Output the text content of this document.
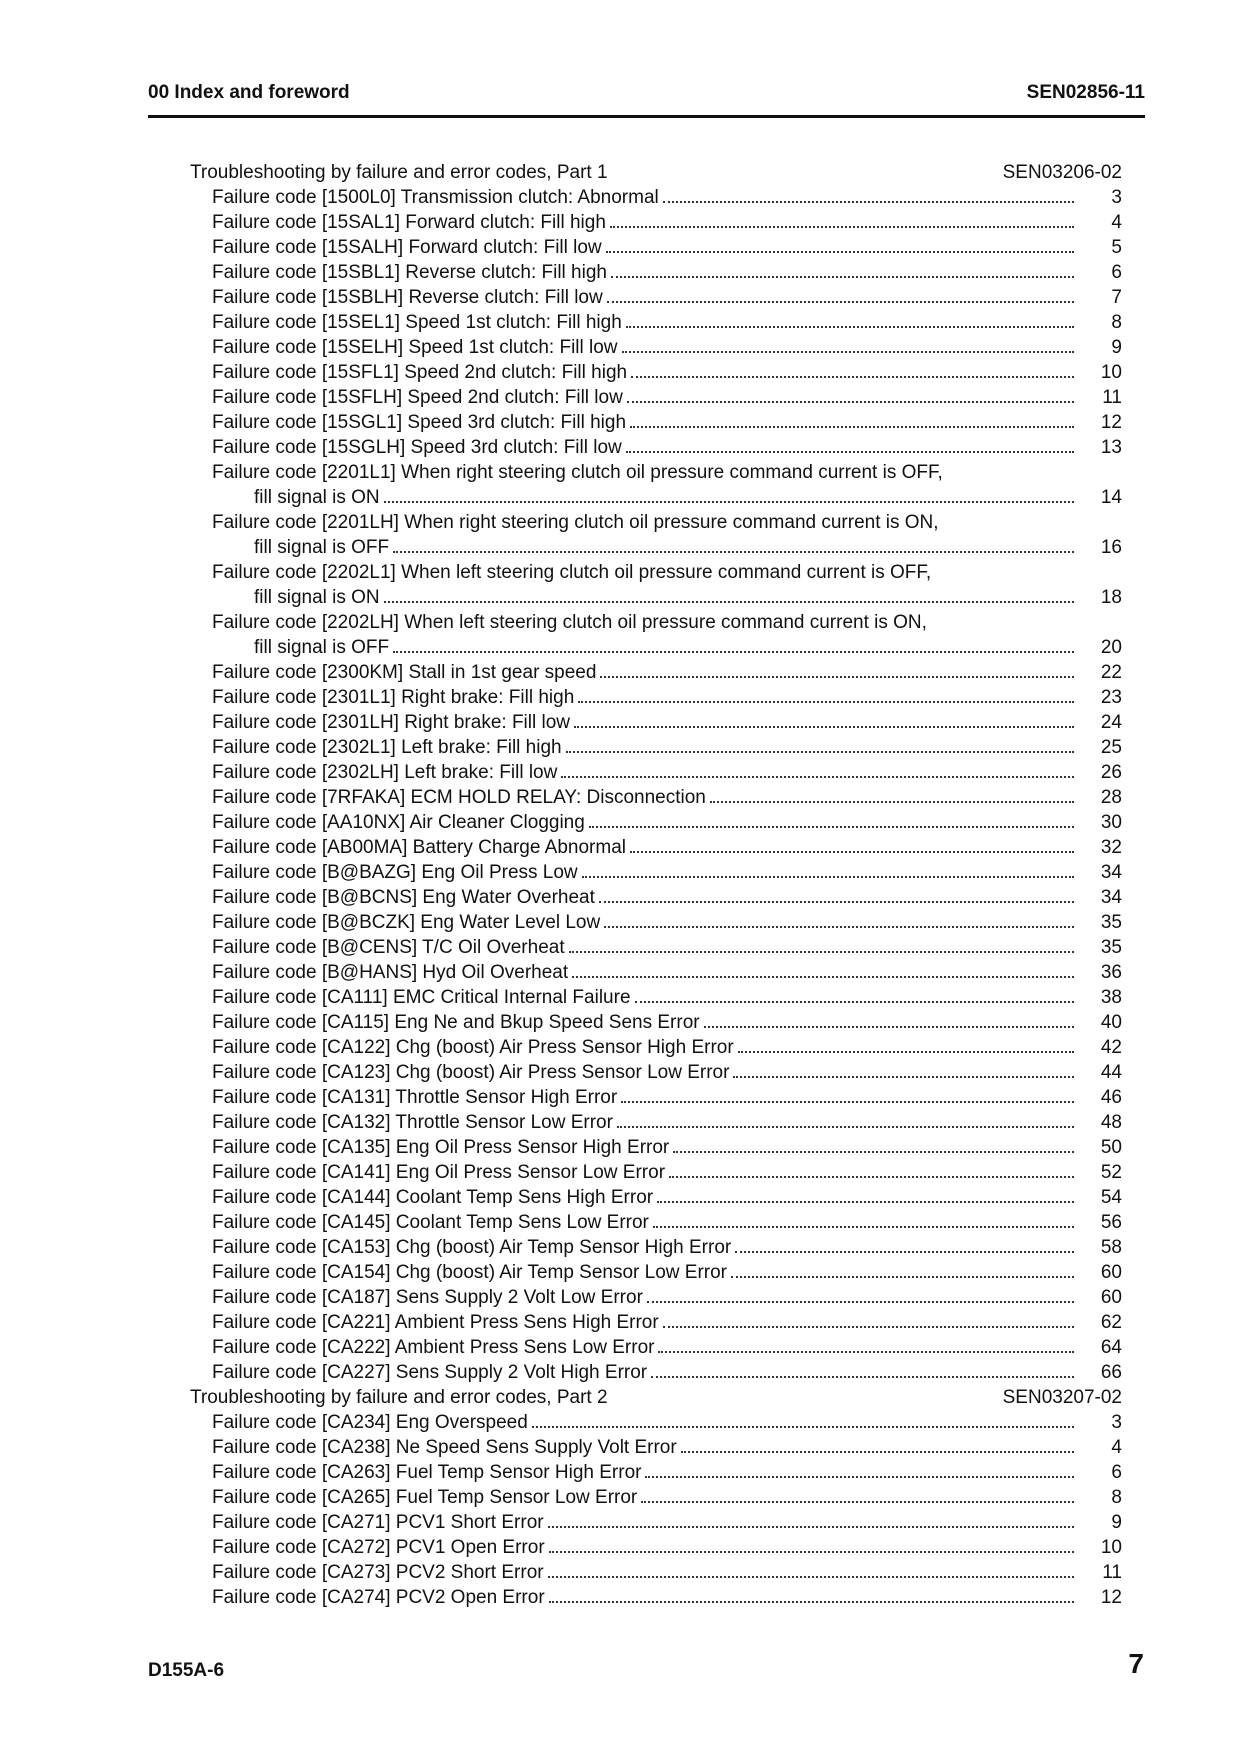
00 Index and foreword	SEN02856-11
Troubleshooting by failure and error codes, Part 1	SEN03206-02
Failure code [1500L0] Transmission clutch: Abnormal	3
Failure code [15SAL1] Forward clutch: Fill high	4
Failure code [15SALH] Forward clutch: Fill low	5
Failure code [15SBL1] Reverse clutch: Fill high	6
Failure code [15SBLH] Reverse clutch: Fill low	7
Failure code [15SEL1] Speed 1st clutch: Fill high	8
Failure code [15SELH] Speed 1st clutch: Fill low	9
Failure code [15SFL1] Speed 2nd clutch: Fill high	10
Failure code [15SFLH] Speed 2nd clutch: Fill low	11
Failure code [15SGL1] Speed 3rd clutch: Fill high	12
Failure code [15SGLH] Speed 3rd clutch: Fill low	13
Failure code [2201L1] When right steering clutch oil pressure command current is OFF,
fill signal is ON	14
Failure code [2201LH] When right steering clutch oil pressure command current is ON,
fill signal is OFF	16
Failure code [2202L1] When left steering clutch oil pressure command current is OFF,
fill signal is ON	18
Failure code [2202LH] When left steering clutch oil pressure command current is ON,
fill signal is OFF	20
Failure code [2300KM] Stall in 1st gear speed	22
Failure code [2301L1] Right brake: Fill high	23
Failure code [2301LH] Right brake: Fill low	24
Failure code [2302L1] Left brake: Fill high	25
Failure code [2302LH] Left brake: Fill low	26
Failure code [7RFAKA] ECM HOLD RELAY: Disconnection	28
Failure code [AA10NX] Air Cleaner Clogging	30
Failure code [AB00MA] Battery Charge Abnormal	32
Failure code [B@BAZG] Eng Oil Press Low	34
Failure code [B@BCNS] Eng Water Overheat	34
Failure code [B@BCZK] Eng Water Level Low	35
Failure code [B@CENS] T/C Oil Overheat	35
Failure code [B@HANS] Hyd Oil Overheat	36
Failure code [CA111] EMC Critical Internal Failure	38
Failure code [CA115] Eng Ne and Bkup Speed Sens Error	40
Failure code [CA122] Chg (boost) Air Press Sensor High Error	42
Failure code [CA123] Chg (boost) Air Press Sensor Low Error	44
Failure code [CA131] Throttle Sensor High Error	46
Failure code [CA132] Throttle Sensor Low Error	48
Failure code [CA135] Eng Oil Press Sensor High Error	50
Failure code [CA141] Eng Oil Press Sensor Low Error	52
Failure code [CA144] Coolant Temp Sens High Error	54
Failure code [CA145] Coolant Temp Sens Low Error	56
Failure code [CA153] Chg (boost) Air Temp Sensor High Error	58
Failure code [CA154] Chg (boost) Air Temp Sensor Low Error	60
Failure code [CA187] Sens Supply 2 Volt Low Error	60
Failure code [CA221] Ambient Press Sens High Error	62
Failure code [CA222] Ambient Press Sens Low Error	64
Failure code [CA227] Sens Supply 2 Volt High Error	66
Troubleshooting by failure and error codes, Part 2	SEN03207-02
Failure code [CA234] Eng Overspeed	3
Failure code [CA238] Ne Speed Sens Supply Volt Error	4
Failure code [CA263] Fuel Temp Sensor High Error	6
Failure code [CA265] Fuel Temp Sensor Low Error	8
Failure code [CA271] PCV1 Short Error	9
Failure code [CA272] PCV1 Open Error	10
Failure code [CA273] PCV2 Short Error	11
Failure code [CA274] PCV2 Open Error	12
D155A-6	7
